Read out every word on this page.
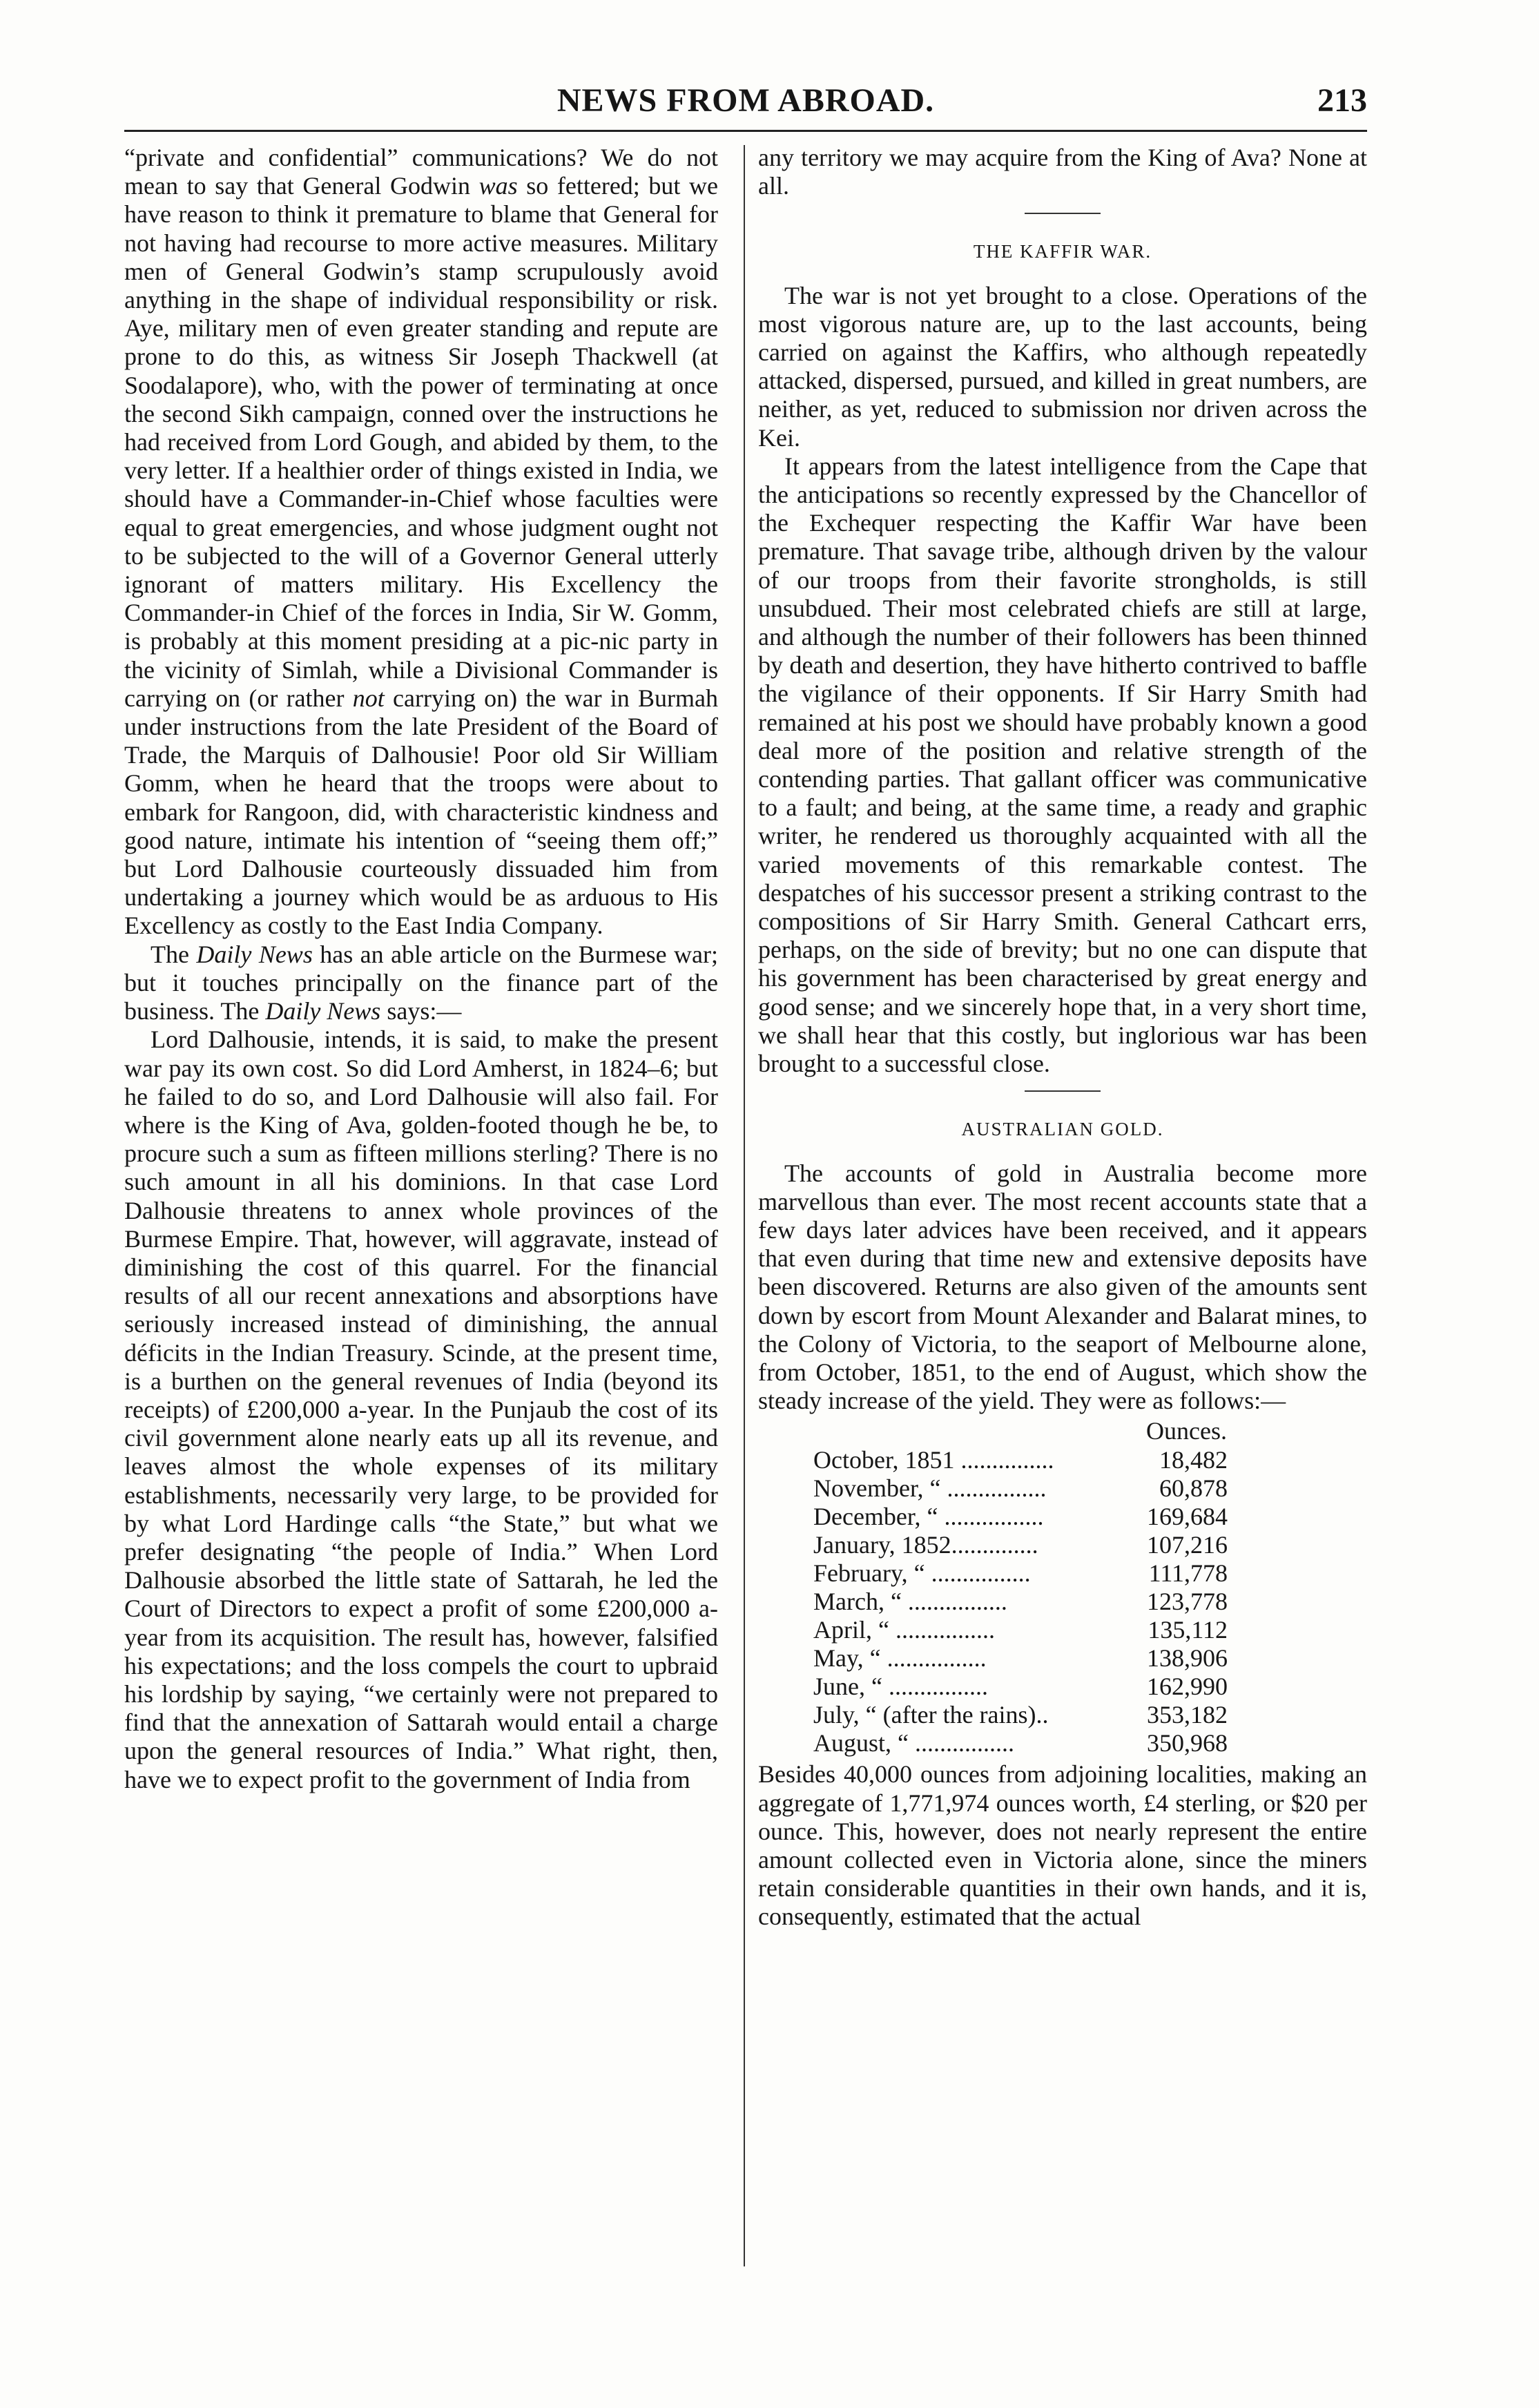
NEWS FROM ABROAD.	213

“private and confidential” communications? We do not mean to say that General Godwin was so fettered; but we have reason to think it premature to blame that General for not having had recourse to more active measures. Military men of General Godwin’s stamp scrupulously avoid anything in the shape of individual responsibility or risk. Aye, military men of even greater standing and repute are prone to do this, as witness Sir Joseph Thackwell (at Soodalapore), who, with the power of terminating at once the second Sikh campaign, conned over the instructions he had received from Lord Gough, and abided by them, to the very letter. If a healthier order of things existed in India, we should have a Commander-in-Chief whose faculties were equal to great emergencies, and whose judgment ought not to be subjected to the will of a Governor General utterly ignorant of matters military. His Excellency the Commander-in Chief of the forces in India, Sir W. Gomm, is probably at this moment presiding at a pic-nic party in the vicinity of Simlah, while a Divisional Commander is carrying on (or rather not carrying on) the war in Burmah under instructions from the late President of the Board of Trade, the Marquis of Dalhousie! Poor old Sir William Gomm, when he heard that the troops were about to embark for Rangoon, did, with characteristic kindness and good nature, intimate his intention of “seeing them off;” but Lord Dalhousie courteously dissuaded him from undertaking a journey which would be as arduous to His Excellency as costly to the East India Company.

The Daily News has an able article on the Burmese war; but it touches principally on the finance part of the business. The Daily News says:—

Lord Dalhousie, intends, it is said, to make the present war pay its own cost. So did Lord Amherst, in 1824–6; but he failed to do so, and Lord Dalhousie will also fail. For where is the King of Ava, golden-footed though he be, to procure such a sum as fifteen millions sterling? There is no such amount in all his dominions. In that case Lord Dalhousie threatens to annex whole provinces of the Burmese Empire. That, however, will aggravate, instead of diminishing the cost of this quarrel. For the financial results of all our recent annexations and absorptions have seriously increased instead of diminishing, the annual déficits in the Indian Treasury. Scinde, at the present time, is a burthen on the general revenues of India (beyond its receipts) of £200,000 a-year. In the Punjaub the cost of its civil government alone nearly eats up all its revenue, and leaves almost the whole expenses of its military establishments, necessarily very large, to be provided for by what Lord Hardinge calls “the State,” but what we prefer designating “the people of India.” When Lord Dalhousie absorbed the little state of Sattarah, he led the Court of Directors to expect a profit of some £200,000 a-year from its acquisition. The result has, however, falsified his expectations; and the loss compels the court to upbraid his lordship by saying, “we certainly were not prepared to find that the annexation of Sattarah would entail a charge upon the general resources of India.” What right, then, have we to expect profit to the government of India from

any territory we may acquire from the King of Ava? None at all.

THE KAFFIR WAR.

The war is not yet brought to a close. Operations of the most vigorous nature are, up to the last accounts, being carried on against the Kaffirs, who although repeatedly attacked, dispersed, pursued, and killed in great numbers, are neither, as yet, reduced to submission nor driven across the Kei.

It appears from the latest intelligence from the Cape that the anticipations so recently expressed by the Chancellor of the Exchequer respecting the Kaffir War have been premature. That savage tribe, although driven by the valour of our troops from their favorite strongholds, is still unsubdued. Their most celebrated chiefs are still at large, and although the number of their followers has been thinned by death and desertion, they have hitherto contrived to baffle the vigilance of their opponents. If Sir Harry Smith had remained at his post we should have probably known a good deal more of the position and relative strength of the contending parties. That gallant officer was communicative to a fault; and being, at the same time, a ready and graphic writer, he rendered us thoroughly acquainted with all the varied movements of this remarkable contest. The despatches of his successor present a striking contrast to the compositions of Sir Harry Smith. General Cathcart errs, perhaps, on the side of brevity; but no one can dispute that his government has been characterised by great energy and good sense; and we sincerely hope that, in a very short time, we shall hear that this costly, but inglorious war has been brought to a successful close.

AUSTRALIAN GOLD.

The accounts of gold in Australia become more marvellous than ever. The most recent accounts state that a few days later advices have been received, and it appears that even during that time new and extensive deposits have been discovered. Returns are also given of the amounts sent down by escort from Mount Alexander and Balarat mines, to the Colony of Victoria, to the seaport of Melbourne alone, from October, 1851, to the end of August, which show the steady increase of the yield. They were as follows:—

	Ounces.
October, 1851 ...............	18,482
November, “ ................	60,878
December, “ ................	169,684
January, 1852..............	107,216
February, “ ................	111,778
March, “ ................	123,778
April, “ ................	135,112
May, “ ................	138,906
June, “ ................	162,990
July, “ (after the rains)..	353,182
August, “ ................	350,968

Besides 40,000 ounces from adjoining localities, making an aggregate of 1,771,974 ounces worth, £4 sterling, or $20 per ounce. This, however, does not nearly represent the entire amount collected even in Victoria alone, since the miners retain considerable quantities in their own hands, and it is, consequently, estimated that the actual
